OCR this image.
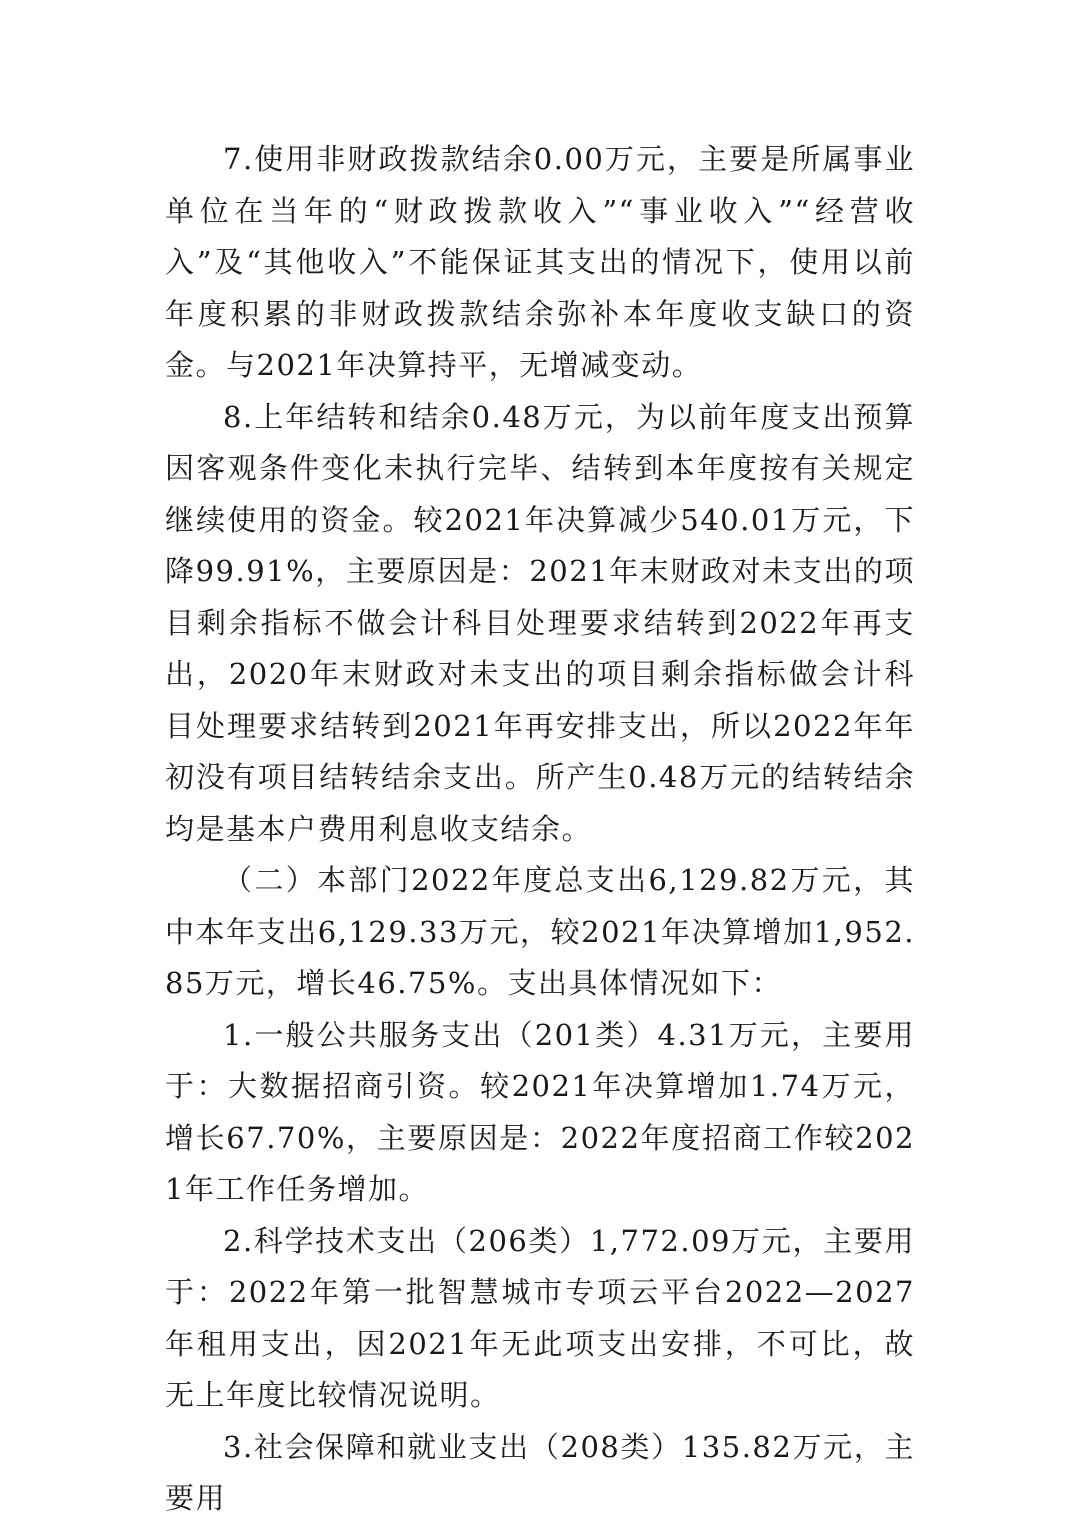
7.使用非财政拨款结余0.00万元，主要是所属事业单位在当年的“财政拨款收入”“事业收入”“经营收入”及“其他收入”不能保证其支出的情况下，使用以前年度积累的非财政拨款结余弥补本年度收支缺口的资金。与2021年决算持平，无增减变动。

8.上年结转和结余0.48万元，为以前年度支出预算因客观条件变化未执行完毕、结转到本年度按有关规定继续使用的资金。较2021年决算减少540.01万元，下降99.91%，主要原因是：2021年末财政对未支出的项目剩余指标不做会计科目处理要求结转到2022年再支出，2020年末财政对未支出的项目剩余指标做会计科目处理要求结转到2021年再安排支出，所以2022年年初没有项目结转结余支出。所产生0.48万元的结转结余均是基本户费用利息收支结余。

（二）本部门2022年度总支出6,129.82万元，其中本年支出6,129.33万元，较2021年决算增加1,952.85万元，增长46.75%。支出具体情况如下：

1.一般公共服务支出（201类）4.31万元，主要用于：大数据招商引资。较2021年决算增加1.74万元，增长67.70%，主要原因是：2022年度招商工作较2021年工作任务增加。

2.科学技术支出（206类）1,772.09万元，主要用于：2022年第一批智慧城市专项云平台2022—2027年租用支出，因2021年无此项支出安排，不可比，故无上年度比较情况说明。

3.社会保障和就业支出（208类）135.82万元，主要用
